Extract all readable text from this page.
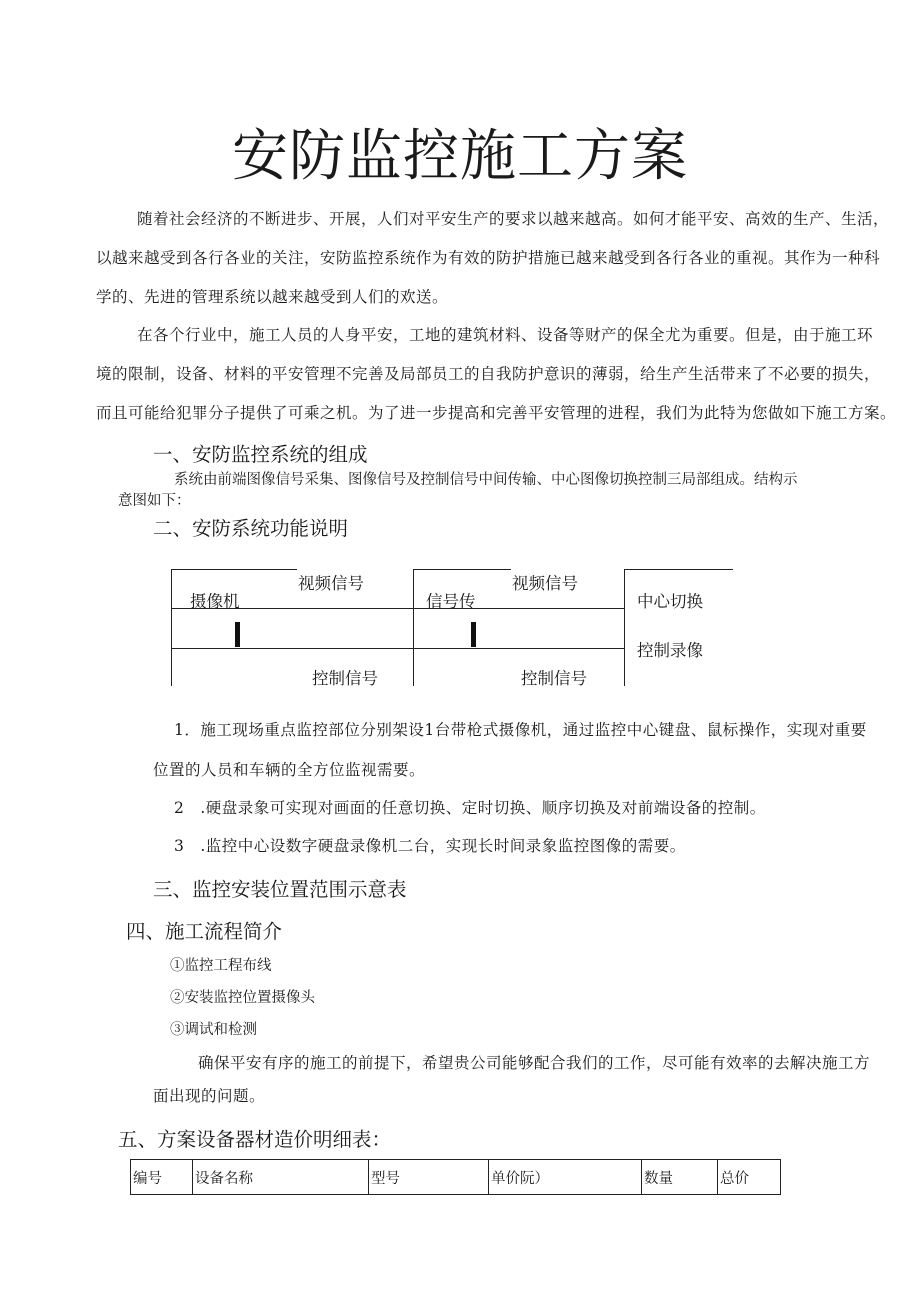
安防监控施工方案
随着社会经济的不断进步、开展，人们对平安生产的要求以越来越高。如何才能平安、高效的生产、生活，
以越来越受到各行各业的关注，安防监控系统作为有效的防护措施已越来越受到各行各业的重视。其作为一种科
学的、先进的管理系统以越来越受到人们的欢送。
在各个行业中，施工人员的人身平安，工地的建筑材料、设备等财产的保全尤为重要。但是，由于施工环
境的限制，设备、材料的平安管理不完善及局部员工的自我防护意识的薄弱，给生产生活带来了不必要的损失，
而且可能给犯罪分子提供了可乘之机。为了进一步提高和完善平安管理的进程，我们为此特为您做如下施工方案。
一、安防监控系统的组成
系统由前端图像信号采集、图像信号及控制信号中间传输、中心图像切换控制三局部组成。结构示
意图如下：
二、安防系统功能说明
视频信号
摄像机
视频信号
信号传	中心切换
控制录像
控制信号	控制信号
1．施工现场重点监控部位分别架设1台带枪式摄像机，通过监控中心键盘、鼠标操作，实现对重要
位置的人员和车辆的全方位监视需要。
2　.硬盘录象可实现对画面的任意切换、定时切换、顺序切换及对前端设备的控制。
3　.监控中心设数字硬盘录像机二台，实现长时间录象监控图像的需要。
三、监控安装位置范围示意表
四、施工流程简介
①监控工程布线
②安装监控位置摄像头
③调试和检测
确保平安有序的施工的前提下，希望贵公司能够配合我们的工作，尽可能有效率的去解决施工方
面出现的问题。
五、方案设备器材造价明细表：
编号	设备名称	型号	单价阮）	数量	总价
